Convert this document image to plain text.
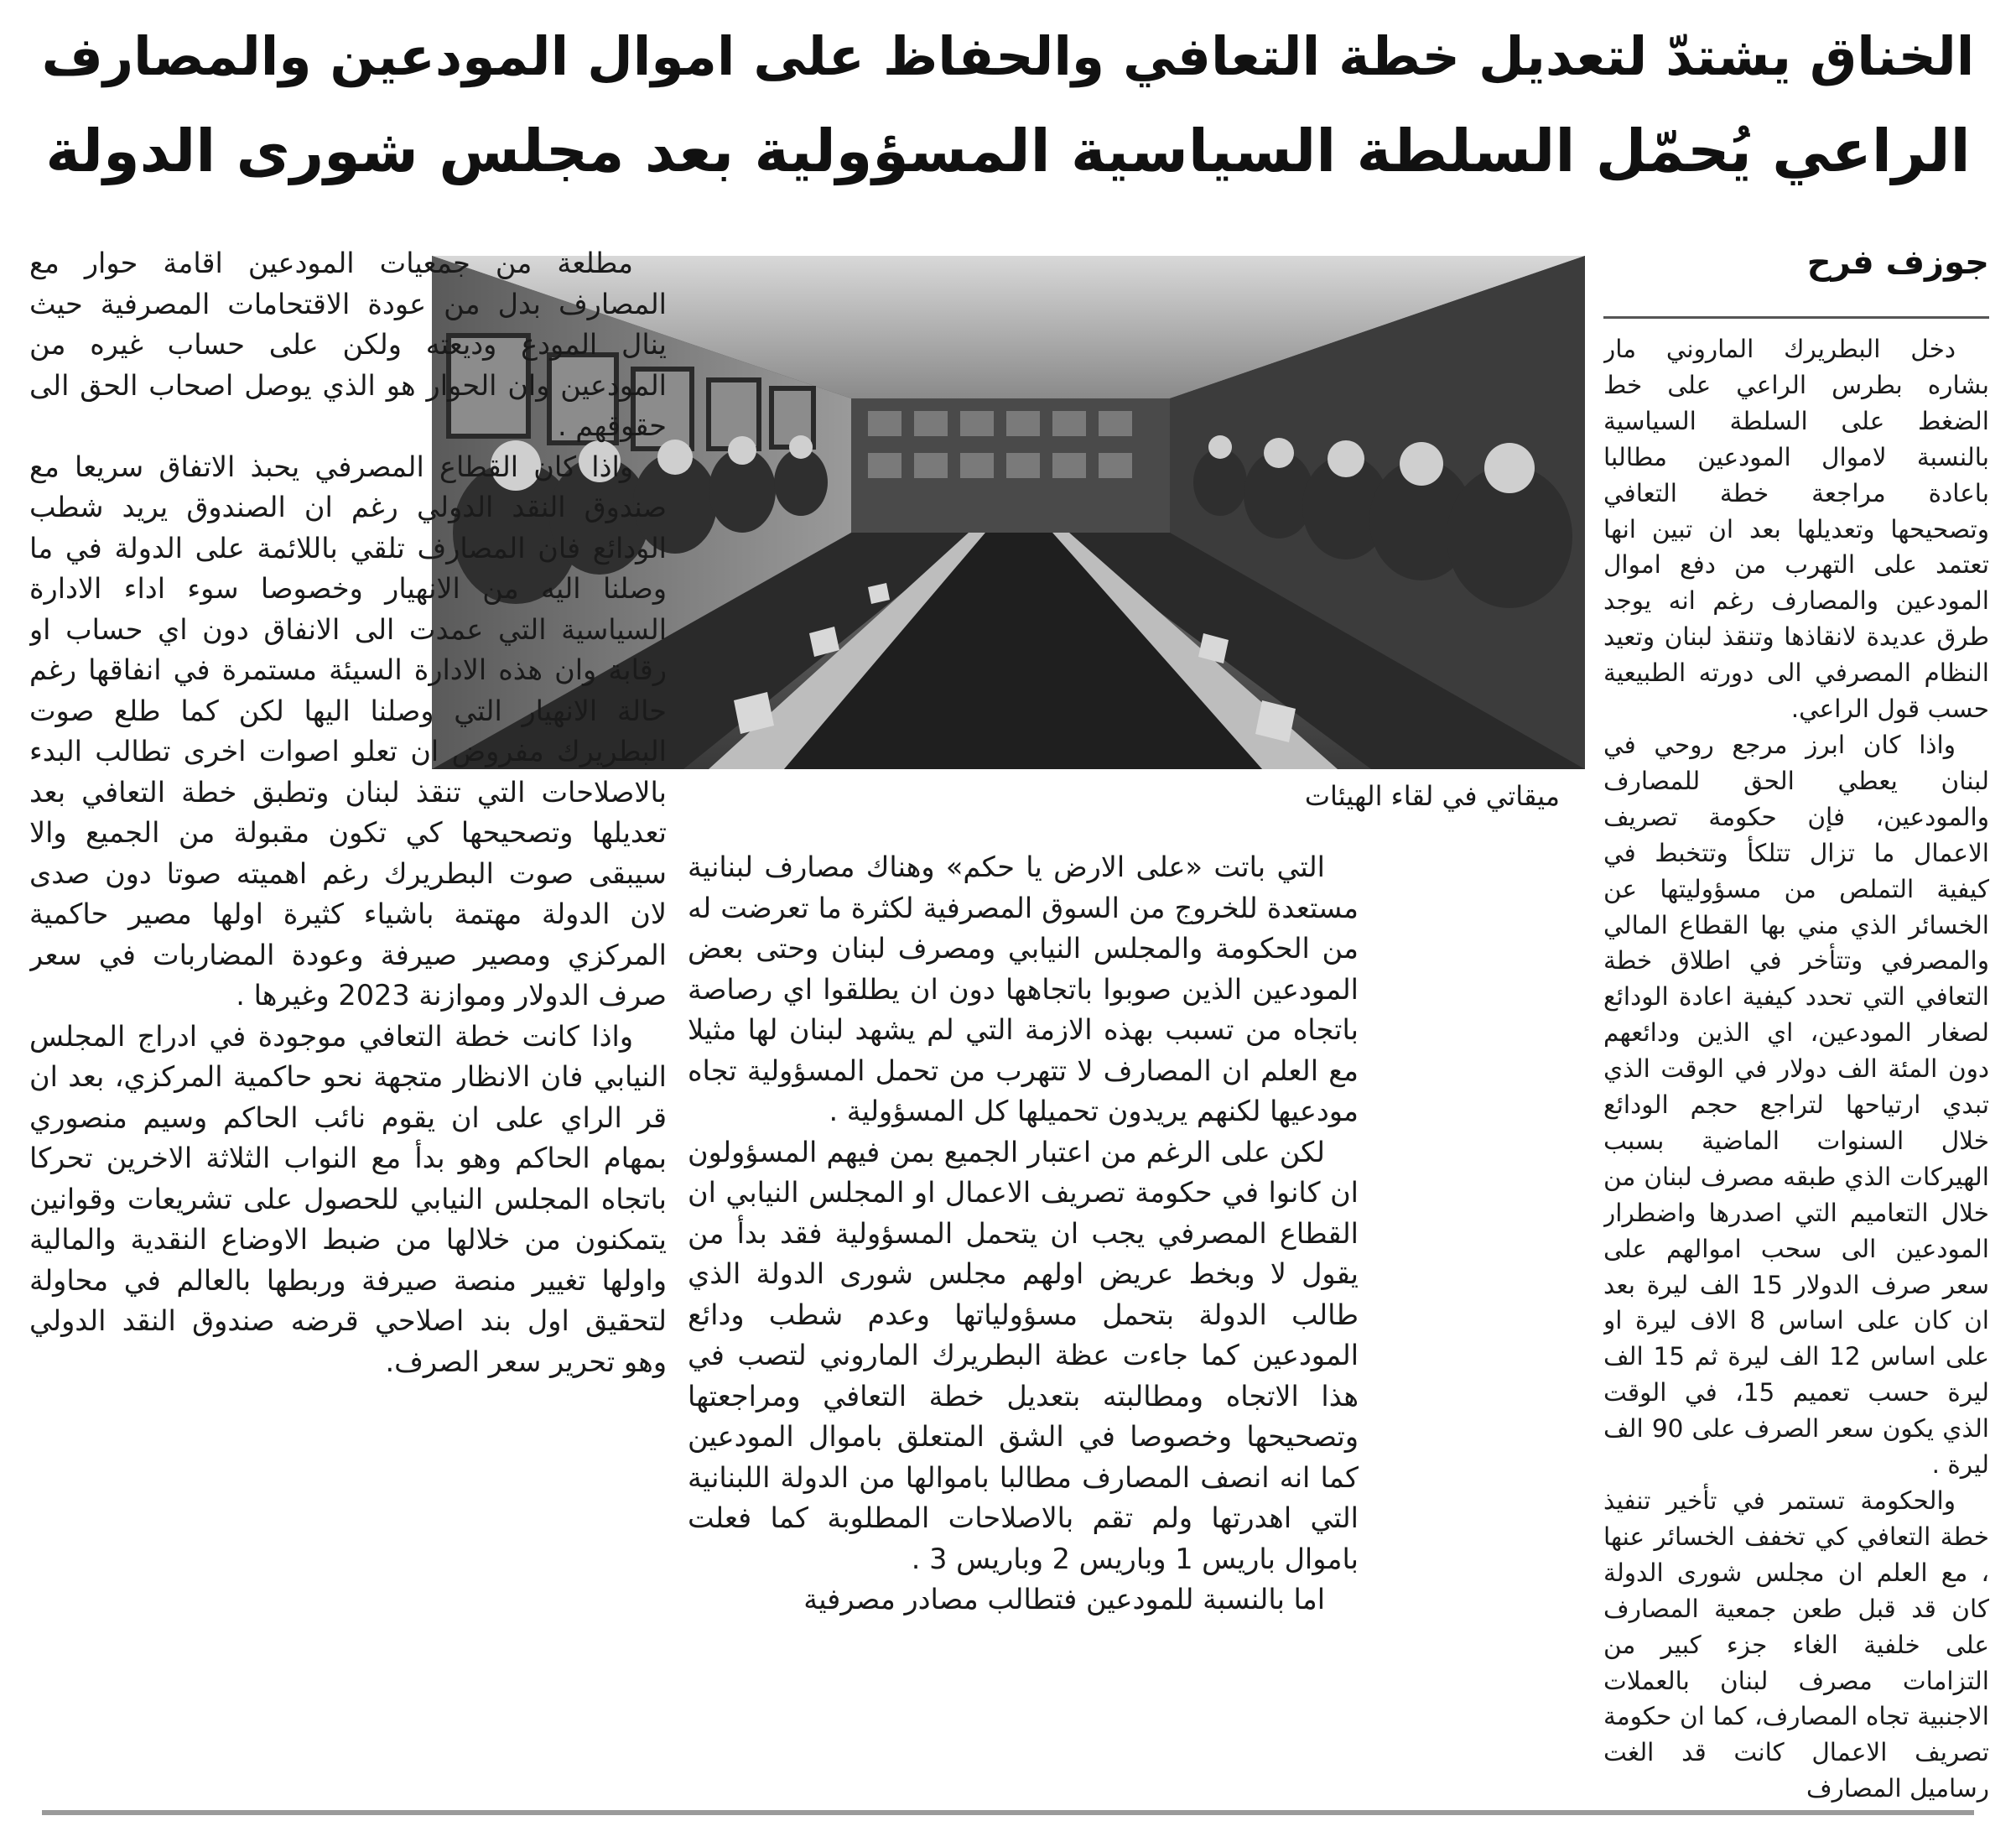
الخناق يشتدّ لتعديل خطة التعافي والحفاظ على اموال المودعين والمصارف
الراعي يُحمّل السلطة السياسية المسؤولية بعد مجلس شورى الدولة
جوزف فرح

دخل البطريرك الماروني مار بشاره بطرس الراعي على خط الضغط على السلطة السياسية بالنسبة لاموال المودعين مطالبا باعادة مراجعة خطة التعافي وتصحيحها وتعديلها بعد ان تبين انها تعتمد على التهرب من دفع اموال المودعين والمصارف رغم انه يوجد طرق عديدة لانقاذها وتنقذ لبنان وتعيد النظام المصرفي الى دورته الطبيعية حسب قول الراعي.

واذا كان ابرز مرجع روحي في لبنان يعطي الحق للمصارف والمودعين، فإن حكومة تصريف الاعمال ما تزال تتلكأ وتتخبط في كيفية التملص من مسؤوليتها عن الخسائر الذي مني بها القطاع المالي والمصرفي وتتأخر في اطلاق خطة التعافي التي تحدد كيفية اعادة الودائع لصغار المودعين، اي الذين ودائعهم دون المئة الف دولار في الوقت الذي تبدي ارتياحها لتراجع حجم الودائع خلال السنوات الماضية بسبب الهيركات الذي طبقه مصرف لبنان من خلال التعاميم التي اصدرها واضطرار المودعين الى سحب اموالهم على سعر صرف الدولار 15 الف ليرة بعد ان كان على اساس 8 الاف ليرة او على اساس 12 الف ليرة ثم 15 الف ليرة حسب تعميم 15، في الوقت الذي يكون سعر الصرف على 90 الف ليرة .

والحكومة تستمر في تأخير تنفيذ خطة التعافي كي تخفف الخسائر عنها ، مع العلم ان مجلس شورى الدولة كان قد قبل طعن جمعية المصارف على خلفية الغاء جزء كبير من التزامات مصرف لبنان بالعملات الاجنبية تجاه المصارف، كما ان حكومة تصريف الاعمال كانت قد الغت رساميل المصارف

ميقاتي في لقاء الهيئات

التي باتت «على الارض يا حكم» وهناك مصارف لبنانية مستعدة للخروج من السوق المصرفية لكثرة ما تعرضت له من الحكومة والمجلس النيابي ومصرف لبنان وحتى بعض المودعين الذين صوبوا باتجاهها دون ان يطلقوا اي رصاصة باتجاه من تسبب بهذه الازمة التي لم يشهد لبنان لها مثيلا مع العلم ان المصارف لا تتهرب من تحمل المسؤولية تجاه مودعيها لكنهم يريدون تحميلها كل المسؤولية .

لكن على الرغم من اعتبار الجميع بمن فيهم المسؤولون ان كانوا في حكومة تصريف الاعمال او المجلس النيابي ان القطاع المصرفي يجب ان يتحمل المسؤولية فقد بدأ من يقول لا وبخط عريض اولهم مجلس شورى الدولة الذي طالب الدولة بتحمل مسؤولياتها وعدم شطب ودائع المودعين كما جاءت عظة البطريرك الماروني لتصب في هذا الاتجاه ومطالبته بتعديل خطة التعافي ومراجعتها وتصحيحها وخصوصا في الشق المتعلق باموال المودعين كما انه انصف المصارف مطالبا باموالها من الدولة اللبنانية التي اهدرتها ولم تقم بالاصلاحات المطلوبة كما فعلت باموال باريس 1 وباريس 2 وباريس 3 .

اما بالنسبة للمودعين فتطالب مصادر مصرفية

مطلعة من جمعيات المودعين اقامة حوار مع المصارف بدل من عودة الاقتحامات المصرفية حيث ينال المودع وديعته ولكن على حساب غيره من المودعين وان الحوار هو الذي يوصل اصحاب الحق الى حقوقهم .

واذا كان القطاع المصرفي يحبذ الاتفاق سريعا مع صندوق النقد الدولي رغم ان الصندوق يريد شطب الودائع فان المصارف تلقي باللائمة على الدولة في ما وصلنا اليه من الانهيار وخصوصا سوء اداء الادارة السياسية التي عمدت الى الانفاق دون اي حساب او رقابة وان هذه الادارة السيئة مستمرة في انفاقها رغم حالة الانهيار التي وصلنا اليها لكن كما طلع صوت البطريرك مفروض ان تعلو اصوات اخرى تطالب البدء بالاصلاحات التي تنقذ لبنان وتطبق خطة التعافي بعد تعديلها وتصحيحها كي تكون مقبولة من الجميع والا سيبقى صوت البطريرك رغم اهميته صوتا دون صدى لان الدولة مهتمة باشياء كثيرة اولها مصير حاكمية المركزي ومصير صيرفة وعودة المضاربات في سعر صرف الدولار وموازنة 2023 وغيرها .

واذا كانت خطة التعافي موجودة في ادراج المجلس النيابي فان الانظار متجهة نحو حاكمية المركزي، بعد ان قر الراي على ان يقوم نائب الحاكم وسيم منصوري بمهام الحاكم وهو بدأ مع النواب الثلاثة الاخرين تحركا باتجاه المجلس النيابي للحصول على تشريعات وقوانين يتمكنون من خلالها من ضبط الاوضاع النقدية والمالية واولها تغيير منصة صيرفة وربطها بالعالم في محاولة لتحقيق اول بند اصلاحي قرضه صندوق النقد الدولي وهو تحرير سعر الصرف.
